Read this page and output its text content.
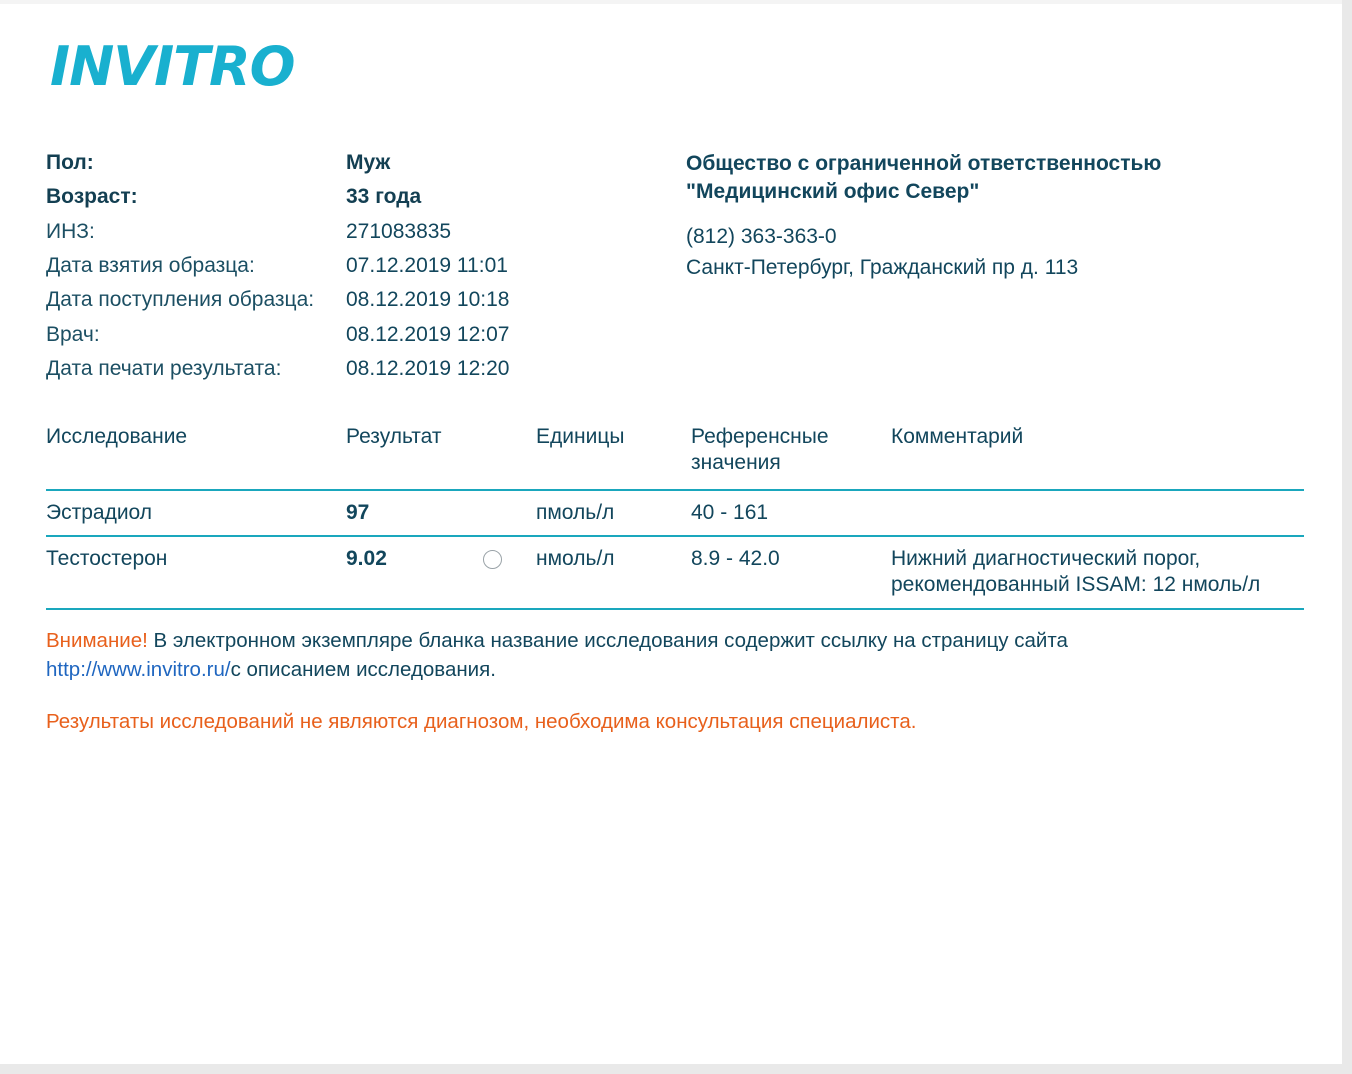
INVITRO
Пол:	Муж
Возраст:	33 года
ИНЗ:	271083835
Дата взятия образца:	07.12.2019 11:01
Дата поступления образца:	08.12.2019 10:18
Врач:	08.12.2019 12:07
Дата печати результата:	08.12.2019 12:20
Общество с ограниченной ответственностью "Медицинский офис Север"
(812) 363-363-0
Санкт-Петербург, Гражданский пр д. 113
Исследование	Результат	Единицы	Референсные значения	Комментарий
Эстрадиол	97	пмоль/л	40 - 161	
Тестостерон	9.02	нмоль/л	8.9 - 42.0	Нижний диагностический порог, рекомендованный ISSAM: 12 нмоль/л
Внимание! В электронном экземпляре бланка название исследования содержит ссылку на страницу сайта http://www.invitro.ru/с описанием исследования.
Результаты исследований не являются диагнозом, необходима консультация специалиста.
